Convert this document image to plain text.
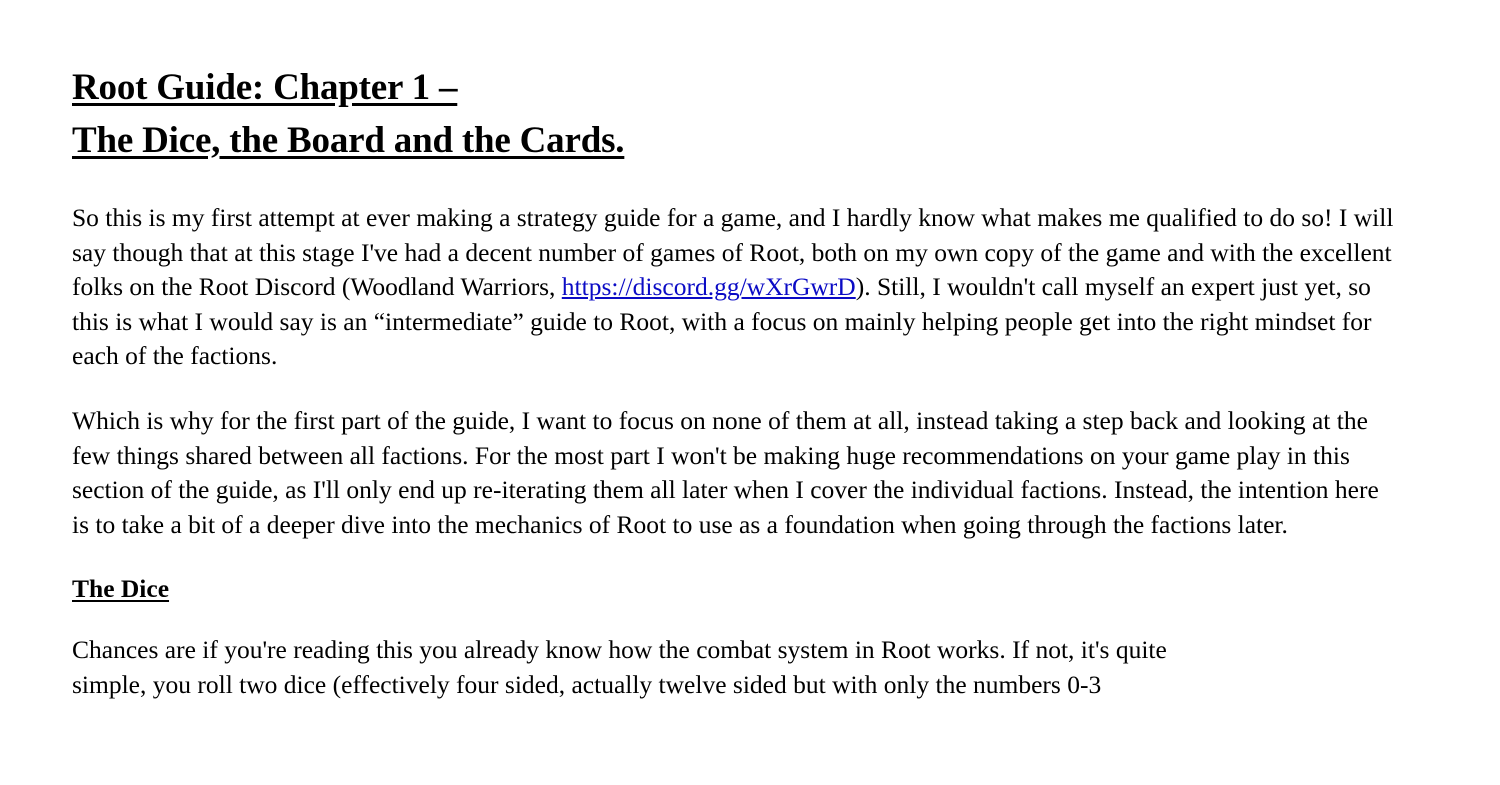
Root Guide: Chapter 1 –
The Dice, the Board and the Cards.

So this is my first attempt at ever making a strategy guide for a game, and I hardly know what makes me qualified to do so! I will say though that at this stage I've had a decent number of games of Root, both on my own copy of the game and with the excellent folks on the Root Discord (Woodland Warriors, https://discord.gg/wXrGwrD). Still, I wouldn't call myself an expert just yet, so this is what I would say is an “intermediate” guide to Root, with a focus on mainly helping people get into the right mindset for each of the factions.

Which is why for the first part of the guide, I want to focus on none of them at all, instead taking a step back and looking at the few things shared between all factions. For the most part I won't be making huge recommendations on your game play in this section of the guide, as I'll only end up re-iterating them all later when I cover the individual factions. Instead, the intention here is to take a bit of a deeper dive into the mechanics of Root to use as a foundation when going through the factions later.

The Dice

Chances are if you're reading this you already know how the combat system in Root works. If not, it's quite

simple, you roll two dice (effectively four sided, actually twelve sided but with only the numbers 0-3
